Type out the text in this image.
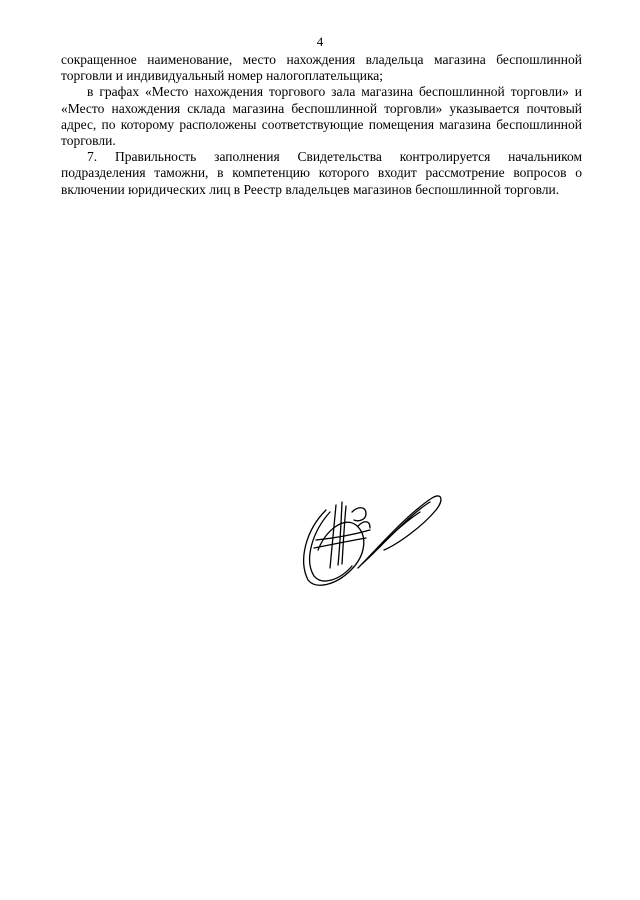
4

сокращенное наименование, место нахождения владельца магазина беспошлинной торговли и индивидуальный номер налогоплательщика;

в графах «Место нахождения торгового зала магазина беспошлинной торговли» и «Место нахождения склада магазина беспошлинной торговли» указывается почтовый адрес, по которому расположены соответствующие помещения магазина беспошлинной торговли.

7. Правильность заполнения Свидетельства контролируется начальником подразделения таможни, в компетенцию которого входит рассмотрение вопросов о включении юридических лиц в Реестр владельцев магазинов беспошлинной торговли.
